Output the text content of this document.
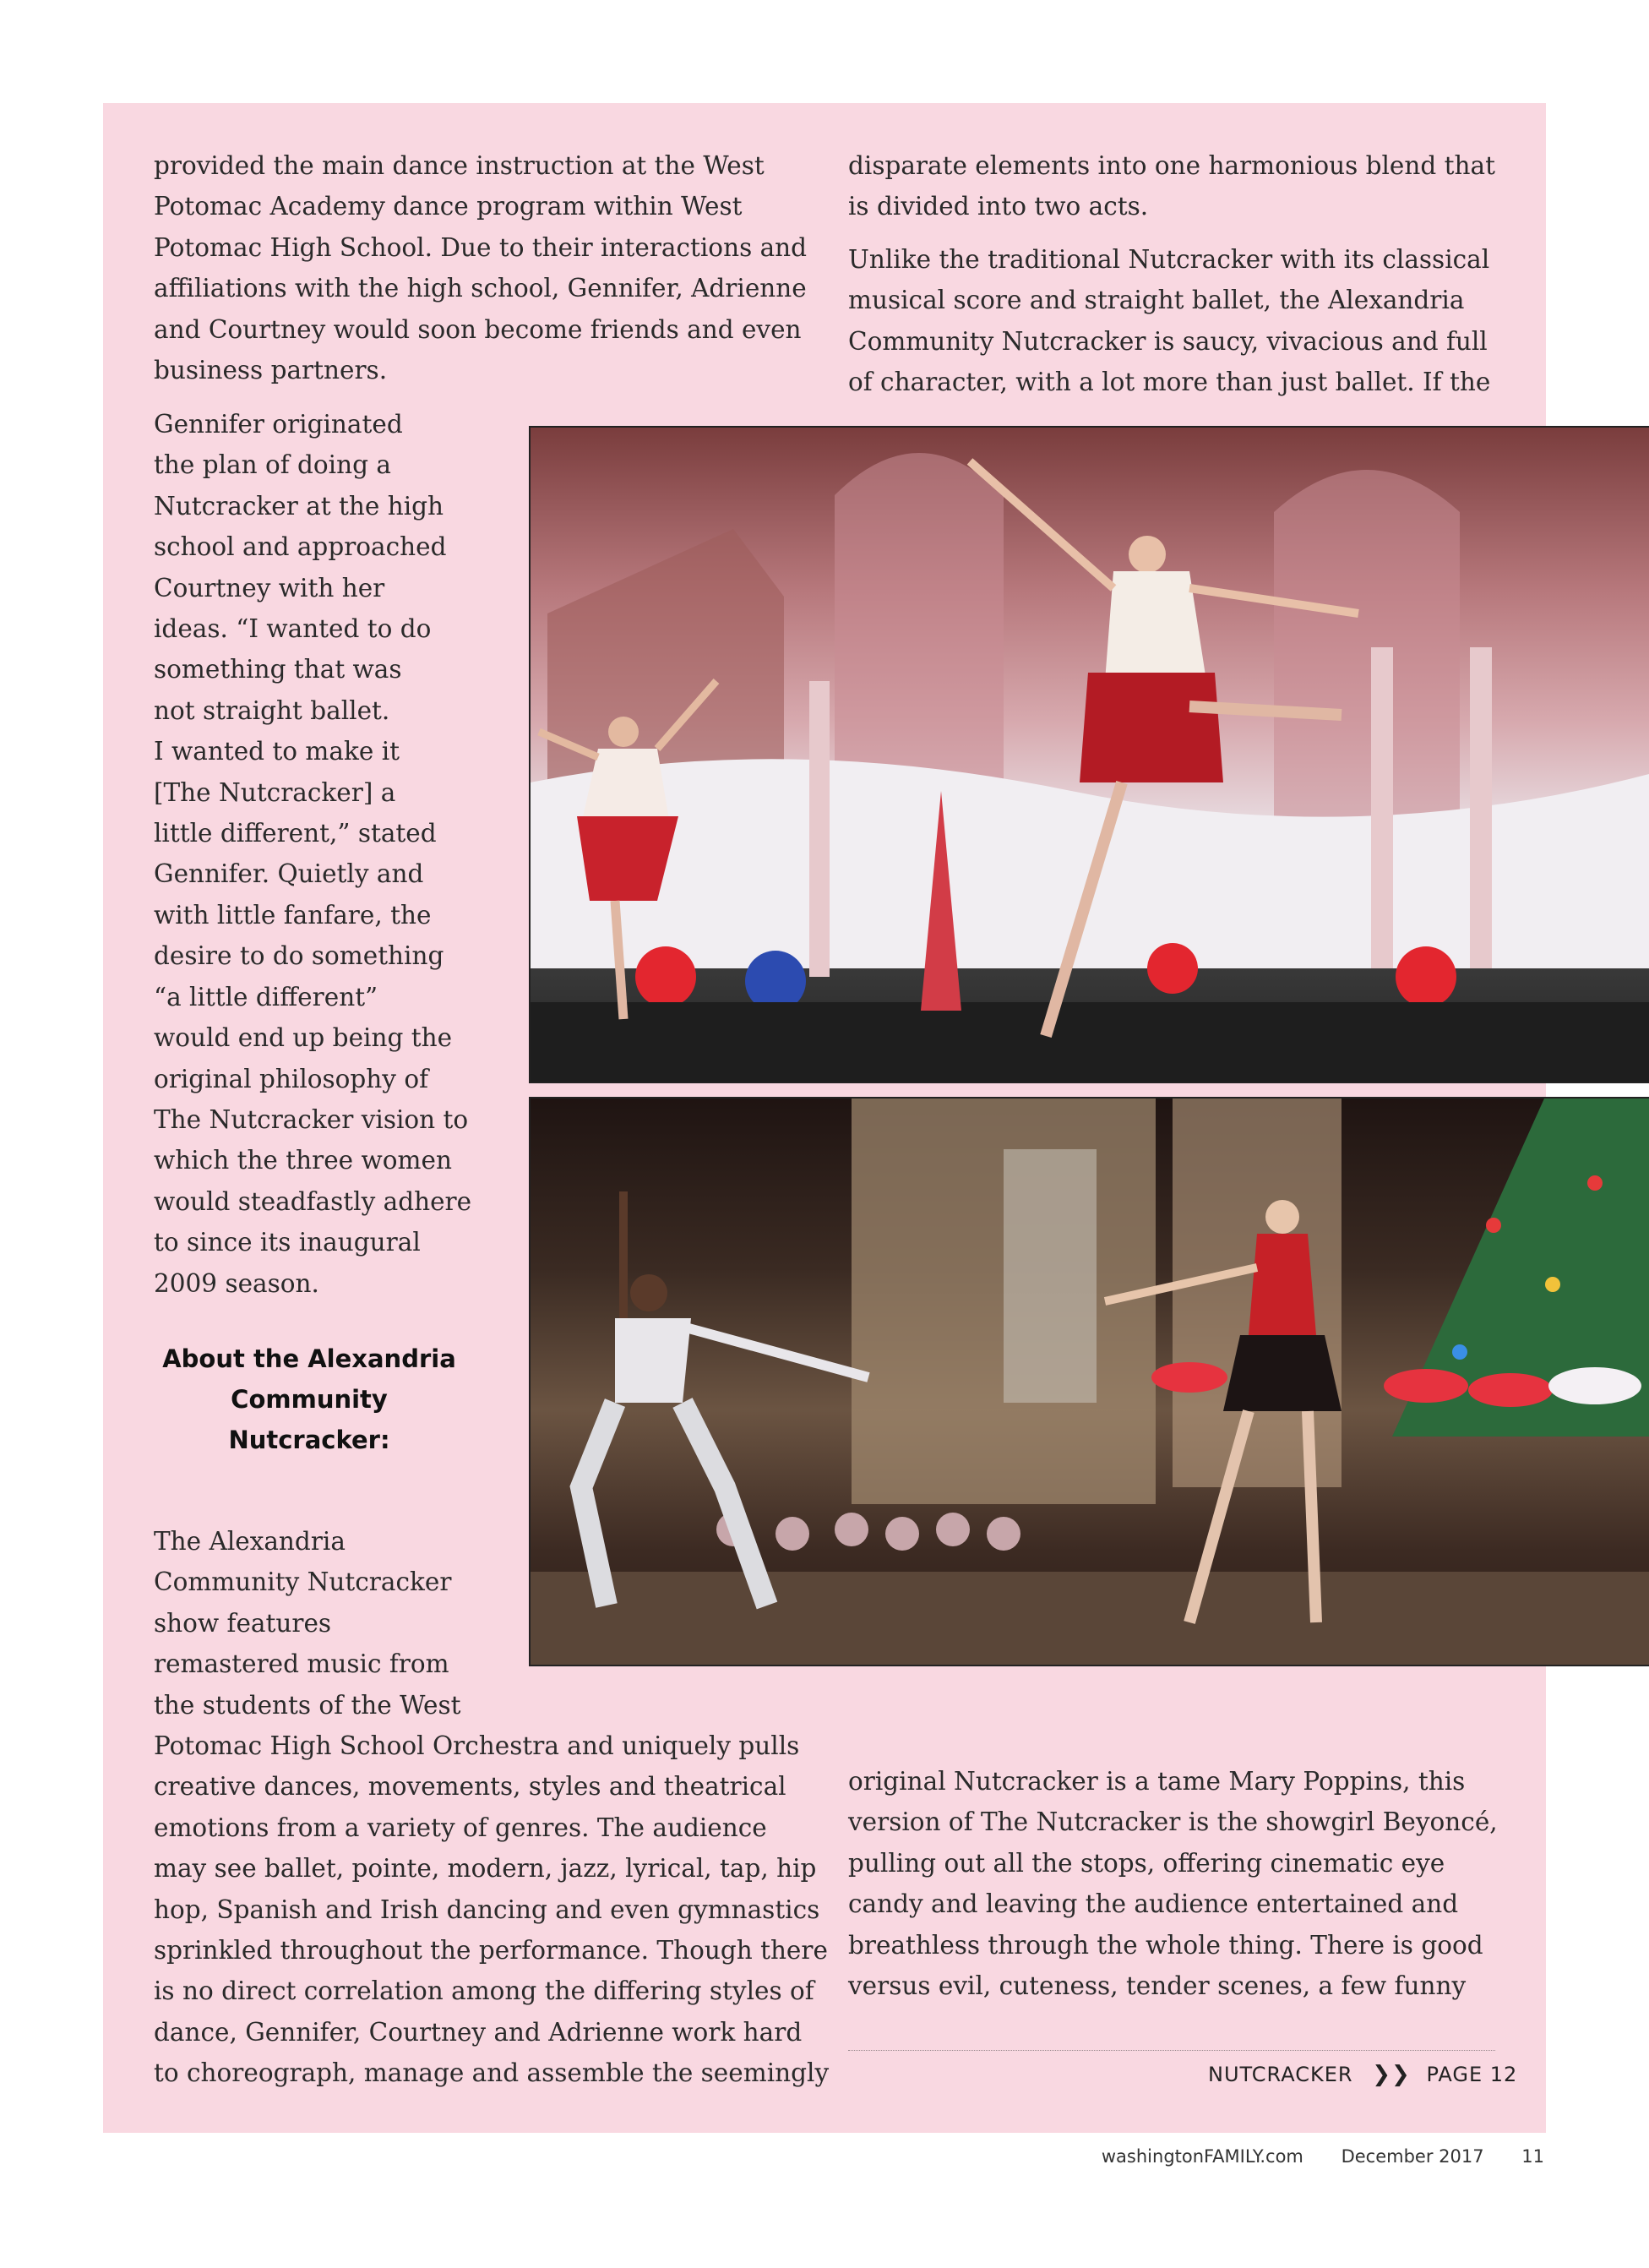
provided the main dance instruction at the West
Potomac Academy dance program within West
Potomac High School. Due to their interactions and
affiliations with the high school, Gennifer, Adrienne
and Courtney would soon become friends and even
business partners.

Gennifer originated
the plan of doing a
Nutcracker at the high
school and approached
Courtney with her
ideas. “I wanted to do
something that was
not straight ballet.
I wanted to make it
[The Nutcracker] a
little different,” stated
Gennifer. Quietly and
with little fanfare, the
desire to do something
“a little different”
would end up being the
original philosophy of
The Nutcracker vision to
which the three women
would steadfastly adhere
to since its inaugural
2009 season.

About the Alexandria
Community
Nutcracker:

The Alexandria
Community Nutcracker
show features
remastered music from
the students of the West
Potomac High School Orchestra and uniquely pulls
creative dances, movements, styles and theatrical
emotions from a variety of genres. The audience
may see ballet, pointe, modern, jazz, lyrical, tap, hip
hop, Spanish and Irish dancing and even gymnastics
sprinkled throughout the performance. Though there
is no direct correlation among the differing styles of
dance, Gennifer, Courtney and Adrienne work hard
to choreograph, manage and assemble the seemingly

disparate elements into one harmonious blend that
is divided into two acts.

Unlike the traditional Nutcracker with its classical
musical score and straight ballet, the Alexandria
Community Nutcracker is saucy, vivacious and full
of character, with a lot more than just ballet. If the

original Nutcracker is a tame Mary Poppins, this
version of The Nutcracker is the showgirl Beyoncé,
pulling out all the stops, offering cinematic eye
candy and leaving the audience entertained and
breathless through the whole thing. There is good
versus evil, cuteness, tender scenes, a few funny

NUTCRACKER ❯❯ PAGE 12
washingtonFAMILY.com December 2017 11
